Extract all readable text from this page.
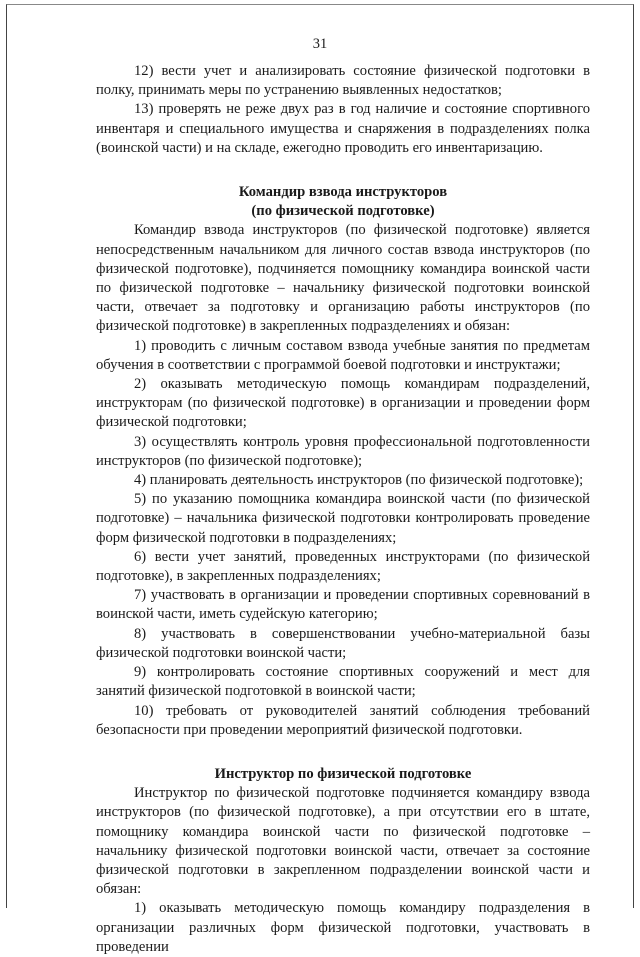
31

12) вести учет и анализировать состояние физической подготовки в полку, принимать меры по устранению выявленных недостатков;

13) проверять не реже двух раз в год наличие и состояние спортивного инвентаря и специального имущества и снаряжения в подразделениях полка (воинской части) и на складе, ежегодно проводить его инвентаризацию.

Командир взвода инструкторов

(по физической подготовке)

Командир взвода инструкторов (по физической подготовке) является непосредственным начальником для личного состав взвода инструкторов (по физической подготовке), подчиняется помощнику командира воинской части по физической подготовке – начальнику физической подготовки воинской части, отвечает за подготовку и организацию работы инструкторов (по физической подготовке) в закрепленных подразделениях и обязан:

1) проводить с личным составом взвода учебные занятия по предметам обучения в соответствии с программой боевой подготовки и инструктажи;

2) оказывать методическую помощь командирам подразделений, инструкторам (по физической подготовке) в организации и проведении форм физической подготовки;

3) осуществлять контроль уровня профессиональной подготовленности инструкторов (по физической подготовке);

4) планировать деятельность инструкторов (по физической подготовке);

5) по указанию помощника командира воинской части (по физической подготовке) – начальника физической подготовки контролировать проведение форм физической подготовки в подразделениях;

6) вести учет занятий, проведенных инструкторами (по физической подготовке), в закрепленных подразделениях;

7) участвовать в организации и проведении спортивных соревнований в воинской части, иметь судейскую категорию;

8) участвовать в совершенствовании учебно-материальной базы физической подготовки воинской части;

9) контролировать состояние спортивных сооружений и мест для занятий физической подготовкой в воинской части;

10) требовать от руководителей занятий соблюдения требований безопасности при проведении мероприятий физической подготовки.

Инструктор по физической подготовке

Инструктор по физической подготовке подчиняется командиру взвода инструкторов (по физической подготовке), а при отсутствии его в штате, помощнику командира воинской части по физической подготовке – начальнику физической подготовки воинской части, отвечает за состояние физической подготовки в закрепленном подразделении воинской части и обязан:

1) оказывать методическую помощь командиру подразделения в организации различных форм физической подготовки, участвовать в проведении
